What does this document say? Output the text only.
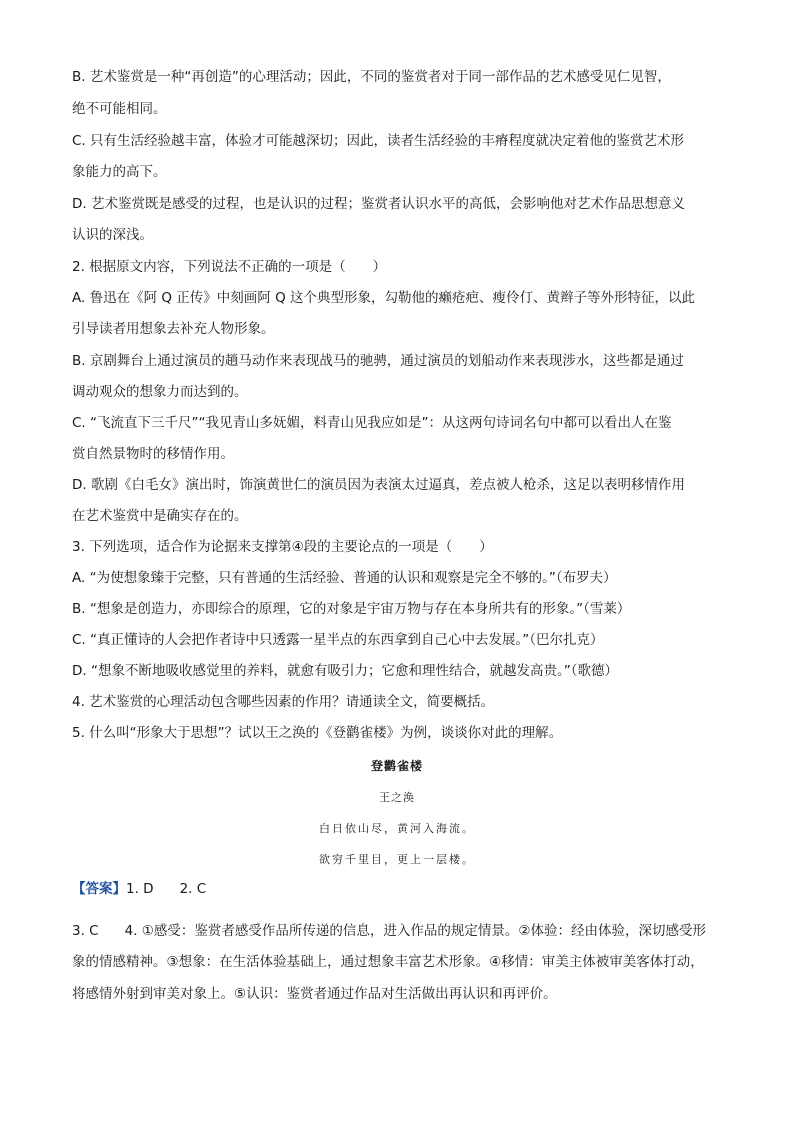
B. 艺术鉴赏是一种“再创造”的心理活动；因此，不同的鉴赏者对于同一部作品的艺术感受见仁见智，
绝不可能相同。
C. 只有生活经验越丰富，体验才可能越深切；因此，读者生活经验的丰瘠程度就决定着他的鉴赏艺术形
象能力的高下。
D. 艺术鉴赏既是感受的过程，也是认识的过程；鉴赏者认识水平的高低，会影响他对艺术作品思想意义
认识的深浅。
2. 根据原文内容，下列说法不正确的一项是（　　）
A. 鲁迅在《阿 Q 正传》中刻画阿 Q 这个典型形象，勾勒他的癞疮疤、瘦伶仃、黄辫子等外形特征，以此
引导读者用想象去补充人物形象。
B. 京剧舞台上通过演员的趟马动作来表现战马的驰骋，通过演员的划船动作来表现涉水，这些都是通过
调动观众的想象力而达到的。
C. “飞流直下三千尺”“我见青山多妩媚，料青山见我应如是”：从这两句诗词名句中都可以看出人在鉴
赏自然景物时的移情作用。
D. 歌剧《白毛女》演出时，饰演黄世仁的演员因为表演太过逼真，差点被人枪杀，这足以表明移情作用
在艺术鉴赏中是确实存在的。
3. 下列选项，适合作为论据来支撑第④段的主要论点的一项是（　　）
A. “为使想象臻于完整，只有普通的生活经验、普通的认识和观察是完全不够的。”（布罗夫）
B. “想象是创造力，亦即综合的原理，它的对象是宇宙万物与存在本身所共有的形象。”（雪莱）
C. “真正懂诗的人会把作者诗中只透露一星半点的东西拿到自己心中去发展。”（巴尔扎克）
D. “想象不断地吸收感觉里的养料，就愈有吸引力；它愈和理性结合，就越发高贵。”（歌德）
4. 艺术鉴赏的心理活动包含哪些因素的作用？请通读全文，简要概括。
5. 什么叫“形象大于思想”？试以王之涣的《登鹳雀楼》为例，谈谈你对此的理解。
登鹳雀楼
王之涣
白日依山尽，黄河入海流。
欲穷千里目，更上一层楼。
【答案】1. D 2. C
3. C 4. ①感受：鉴赏者感受作品所传递的信息，进入作品的规定情景。②体验：经由体验，深切感受形
象的情感精神。③想象：在生活体验基础上，通过想象丰富艺术形象。④移情：审美主体被审美客体打动，
将感情外射到审美对象上。⑤认识：鉴赏者通过作品对生活做出再认识和再评价。
